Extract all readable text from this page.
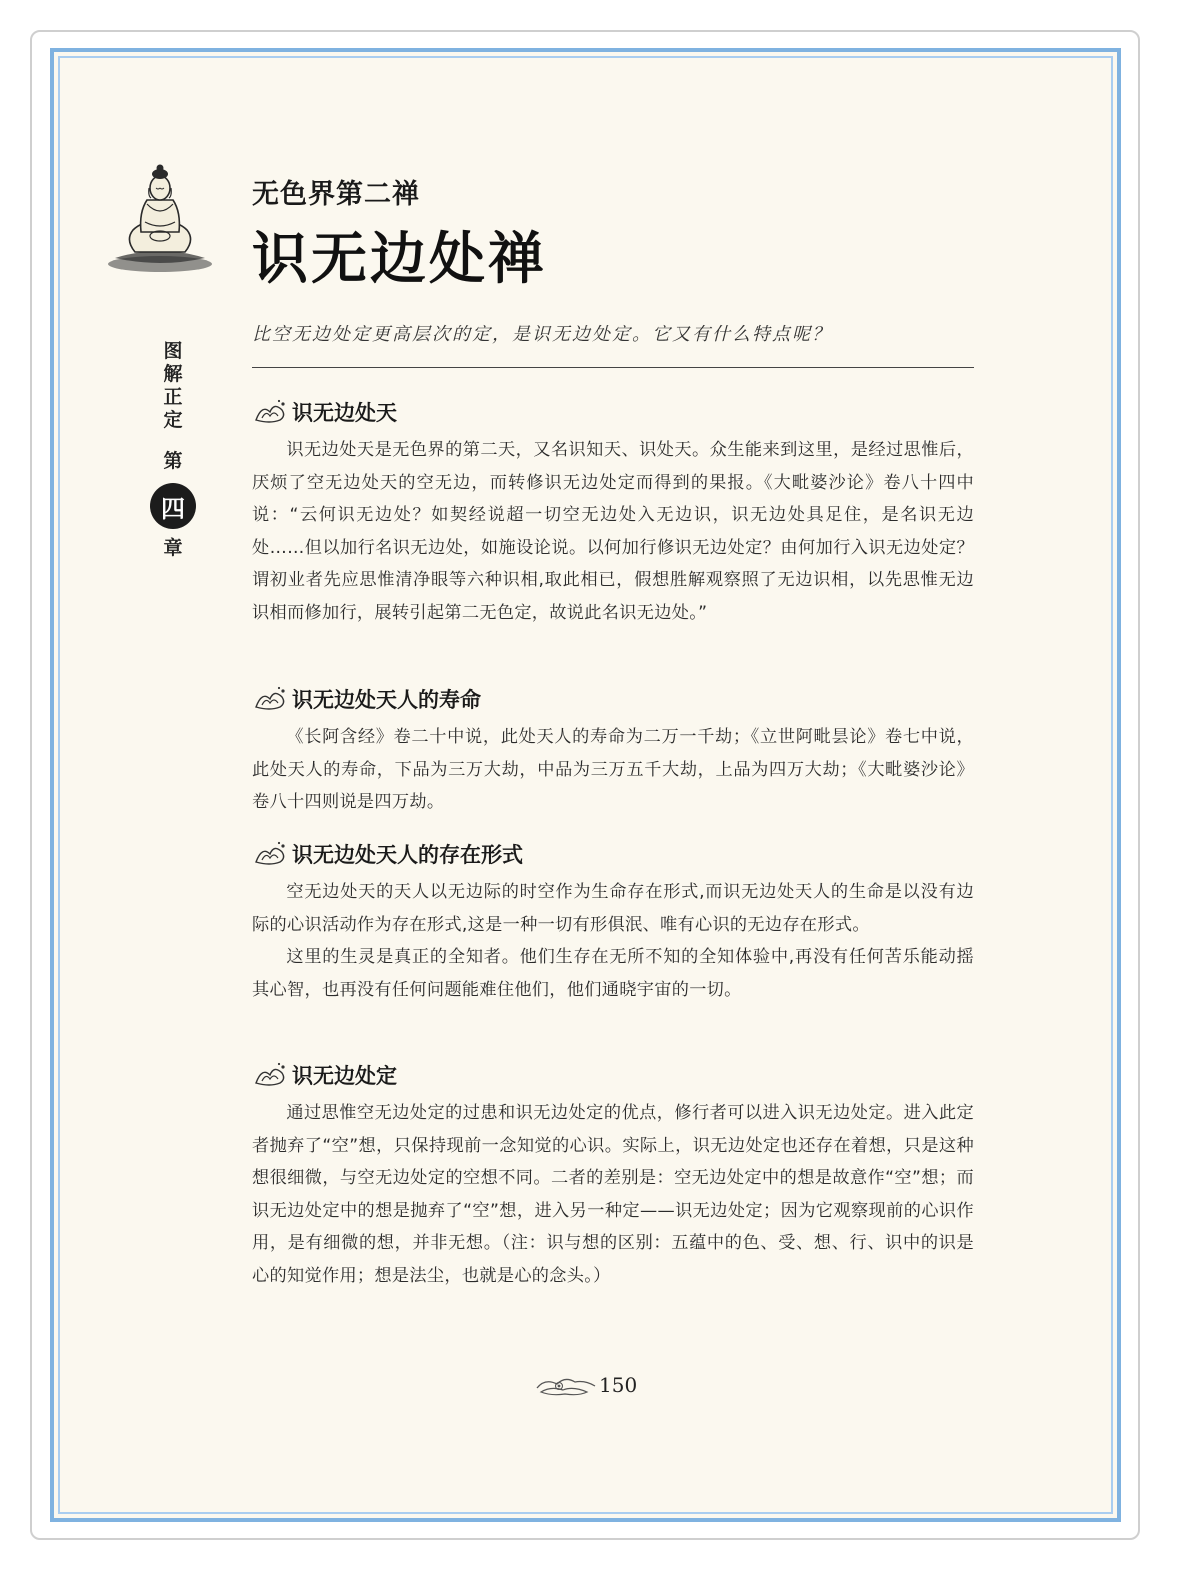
图
解
正
定
第
四
章
无色界第二禅
识无边处禅
比空无边处定更高层次的定，是识无边处定。它又有什么特点呢？
识无边处天

识无边处天是无色界的第二天，又名识知天、识处天。众生能来到这里，是经过思惟后，厌烦了空无边处天的空无边，而转修识无边处定而得到的果报。《大毗婆沙论》卷八十四中说：“云何识无边处？如契经说超一切空无边处入无边识，识无边处具足住，是名识无边处……但以加行名识无边处，如施设论说。以何加行修识无边处定？由何加行入识无边处定？谓初业者先应思惟清净眼等六种识相,取此相已，假想胜解观察照了无边识相，以先思惟无边识相而修加行，展转引起第二无色定，故说此名识无边处。”

识无边处天人的寿命

《长阿含经》卷二十中说，此处天人的寿命为二万一千劫；《立世阿毗昙论》卷七中说，此处天人的寿命，下品为三万大劫，中品为三万五千大劫，上品为四万大劫；《大毗婆沙论》卷八十四则说是四万劫。

识无边处天人的存在形式

空无边处天的天人以无边际的时空作为生命存在形式,而识无边处天人的生命是以没有边际的心识活动作为存在形式,这是一种一切有形俱泯、唯有心识的无边存在形式。

这里的生灵是真正的全知者。他们生存在无所不知的全知体验中,再没有任何苦乐能动摇其心智，也再没有任何问题能难住他们，他们通晓宇宙的一切。

识无边处定

通过思惟空无边处定的过患和识无边处定的优点，修行者可以进入识无边处定。进入此定者抛弃了“空”想，只保持现前一念知觉的心识。实际上，识无边处定也还存在着想，只是这种想很细微，与空无边处定的空想不同。二者的差别是：空无边处定中的想是故意作“空”想；而识无边处定中的想是抛弃了“空”想，进入另一种定——识无边处定；因为它观察现前的心识作用，是有细微的想，并非无想。（注：识与想的区别：五蕴中的色、受、想、行、识中的识是心的知觉作用；想是法尘，也就是心的念头。）

150
